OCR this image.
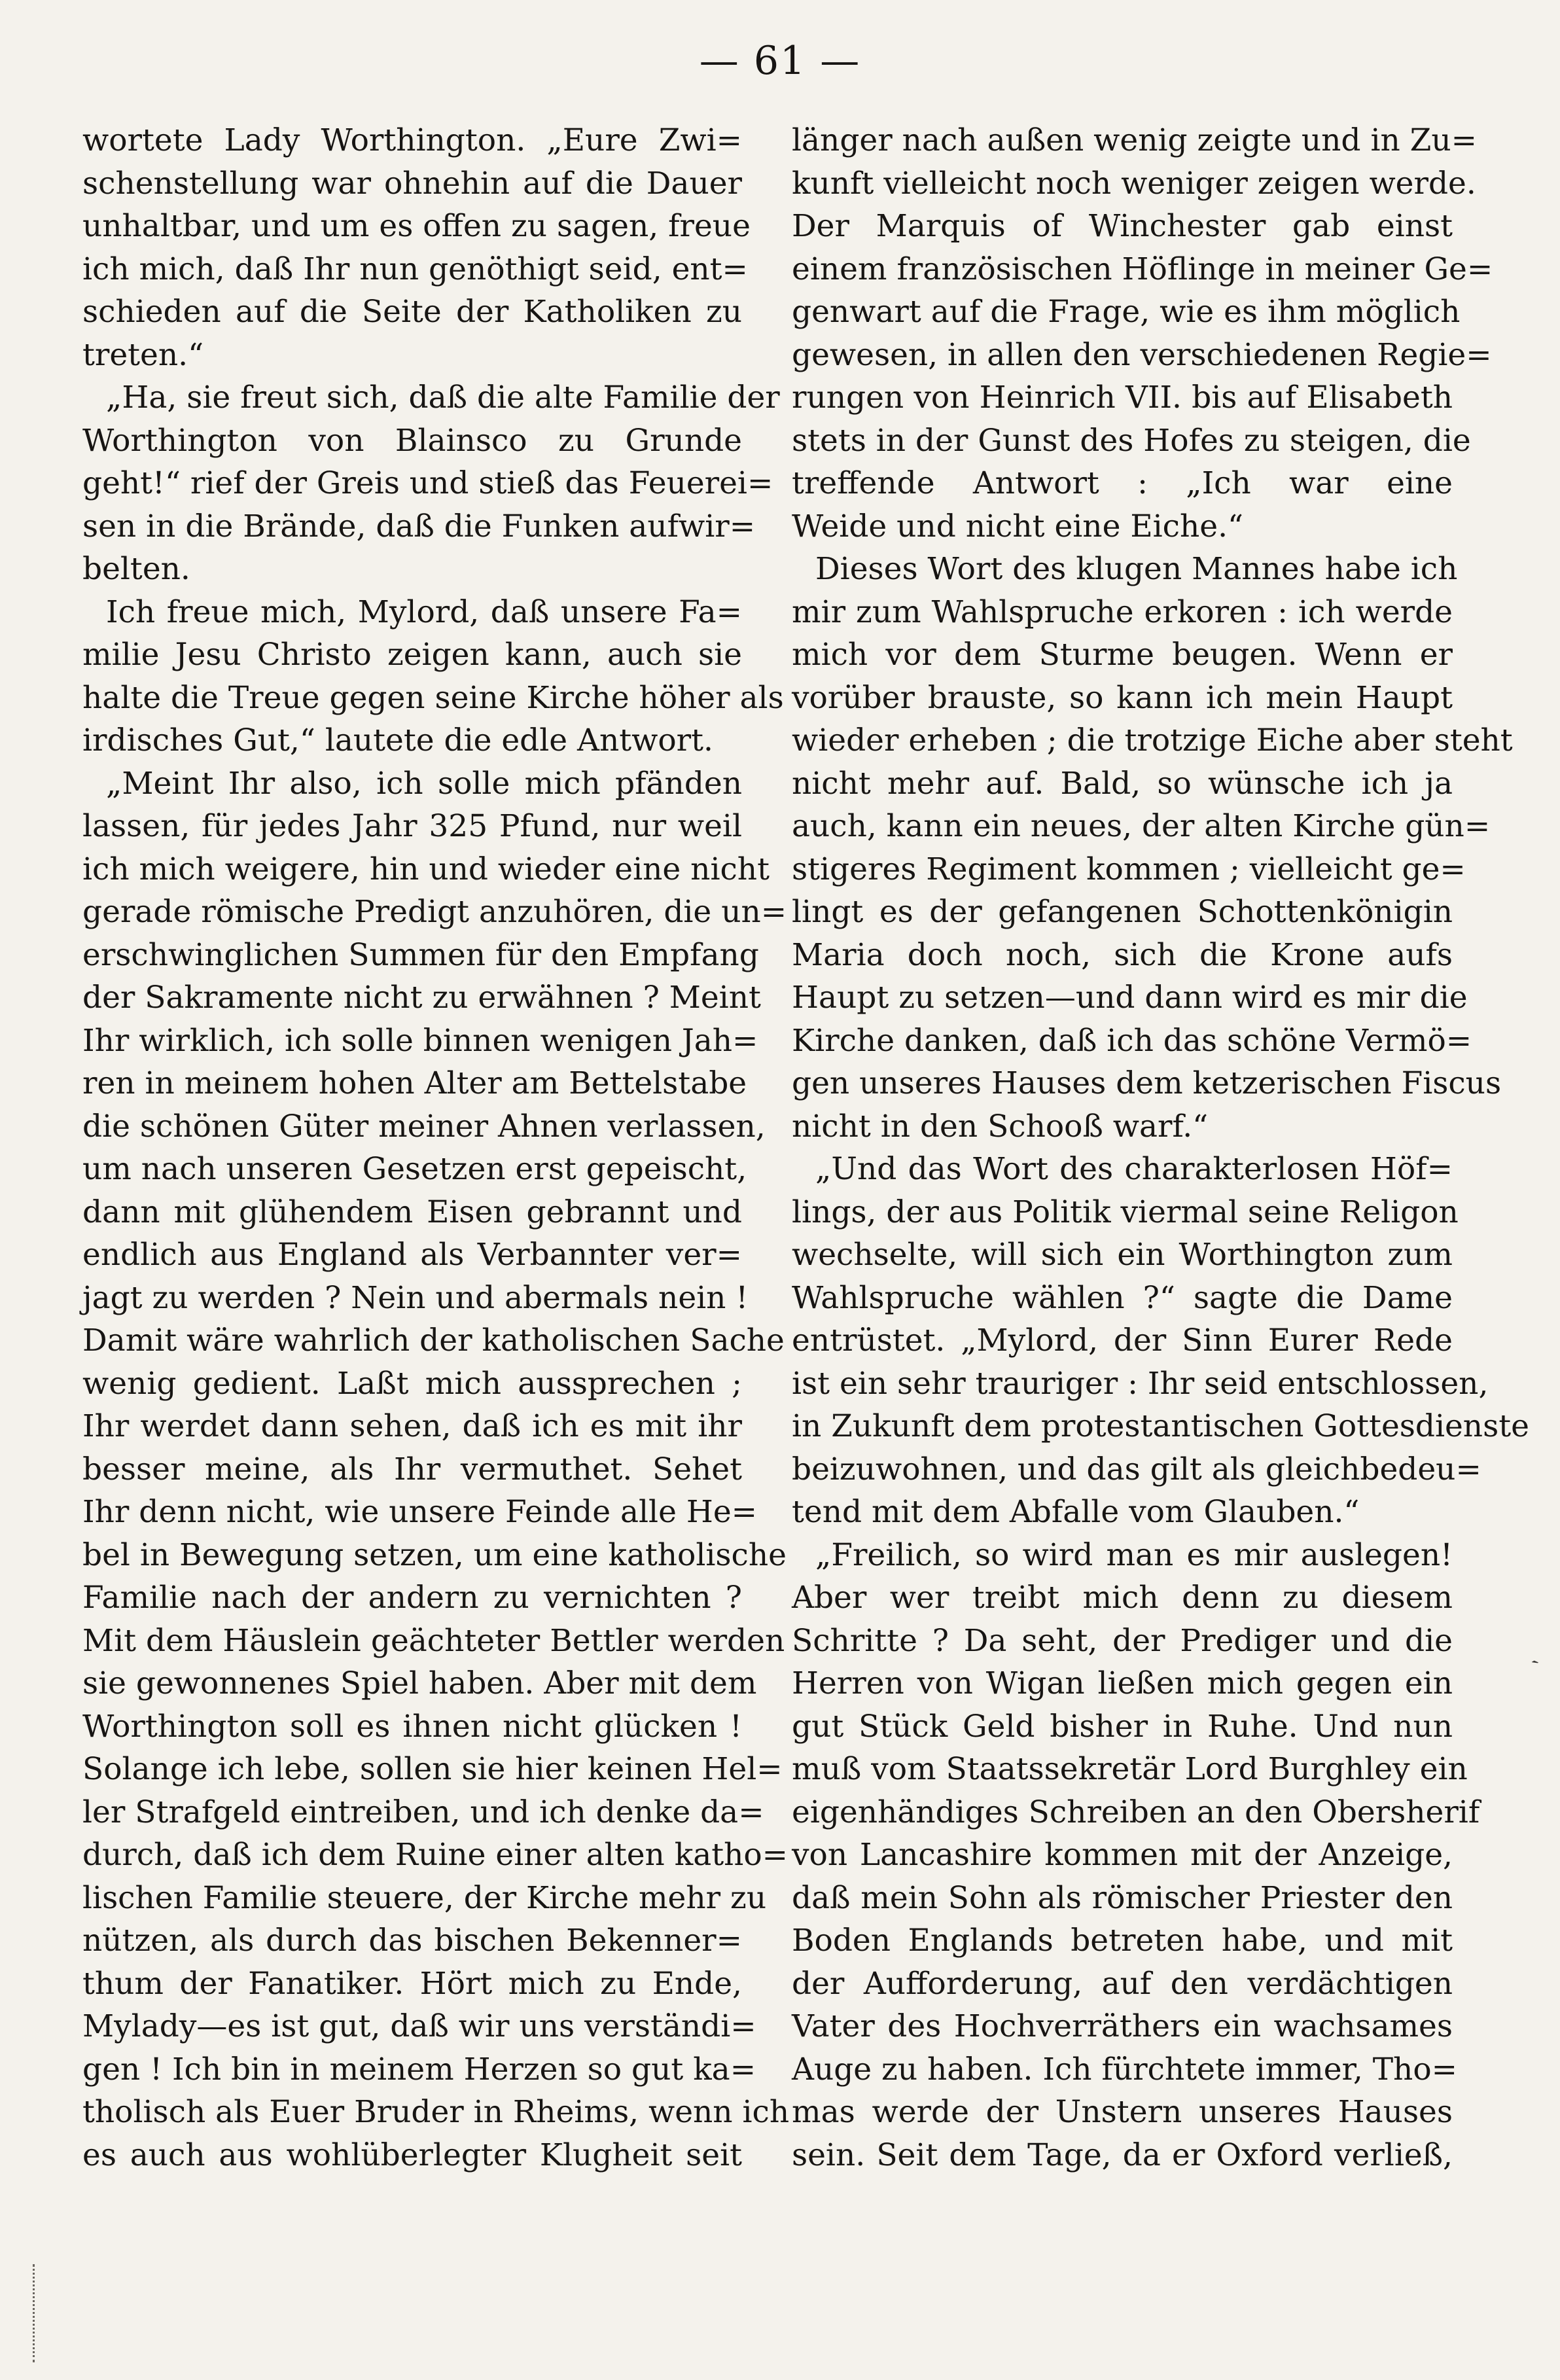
— 61 —
wortete Lady Worthington. „Eure Zwi=
schenstellung war ohnehin auf die Dauer
unhaltbar, und um es offen zu sagen, freue
ich mich, daß Ihr nun genöthigt seid, ent=
schieden auf die Seite der Katholiken zu
treten.“
„Ha, sie freut sich, daß die alte Familie der
Worthington von Blainsco zu Grunde
geht!“ rief der Greis und stieß das Feuerei=
sen in die Brände, daß die Funken aufwir=
belten.
Ich freue mich, Mylord, daß unsere Fa=
milie Jesu Christo zeigen kann, auch sie
halte die Treue gegen seine Kirche höher als
irdisches Gut,“ lautete die edle Antwort.
„Meint Ihr also, ich solle mich pfänden
lassen, für jedes Jahr 325 Pfund, nur weil
ich mich weigere, hin und wieder eine nicht
gerade römische Predigt anzuhören, die un=
erschwinglichen Summen für den Empfang
der Sakramente nicht zu erwähnen ? Meint
Ihr wirklich, ich solle binnen wenigen Jah=
ren in meinem hohen Alter am Bettelstabe
die schönen Güter meiner Ahnen verlassen,
um nach unseren Gesetzen erst gepeischt,
dann mit glühendem Eisen gebrannt und
endlich aus England als Verbannter ver=
jagt zu werden ? Nein und abermals nein !
Damit wäre wahrlich der katholischen Sache
wenig gedient. Laßt mich aussprechen ;
Ihr werdet dann sehen, daß ich es mit ihr
besser meine, als Ihr vermuthet. Sehet
Ihr denn nicht, wie unsere Feinde alle He=
bel in Bewegung setzen, um eine katholische
Familie nach der andern zu vernichten ?
Mit dem Häuslein geächteter Bettler werden
sie gewonnenes Spiel haben. Aber mit dem
Worthington soll es ihnen nicht glücken !
Solange ich lebe, sollen sie hier keinen Hel=
ler Strafgeld eintreiben, und ich denke da=
durch, daß ich dem Ruine einer alten katho=
lischen Familie steuere, der Kirche mehr zu
nützen, als durch das bischen Bekenner=
thum der Fanatiker. Hört mich zu Ende,
Mylady—es ist gut, daß wir uns verständi=
gen ! Ich bin in meinem Herzen so gut ka=
tholisch als Euer Bruder in Rheims, wenn ich
es auch aus wohlüberlegter Klugheit seit
länger nach außen wenig zeigte und in Zu=
kunft vielleicht noch weniger zeigen werde.
Der Marquis of Winchester gab einst
einem französischen Höflinge in meiner Ge=
genwart auf die Frage, wie es ihm möglich
gewesen, in allen den verschiedenen Regie=
rungen von Heinrich VII. bis auf Elisabeth
stets in der Gunst des Hofes zu steigen, die
treffende Antwort : „Ich war eine
Weide und nicht eine Eiche.“
Dieses Wort des klugen Mannes habe ich
mir zum Wahlspruche erkoren : ich werde
mich vor dem Sturme beugen. Wenn er
vorüber brauste, so kann ich mein Haupt
wieder erheben ; die trotzige Eiche aber steht
nicht mehr auf. Bald, so wünsche ich ja
auch, kann ein neues, der alten Kirche gün=
stigeres Regiment kommen ; vielleicht ge=
lingt es der gefangenen Schottenkönigin
Maria doch noch, sich die Krone aufs
Haupt zu setzen—und dann wird es mir die
Kirche danken, daß ich das schöne Vermö=
gen unseres Hauses dem ketzerischen Fiscus
nicht in den Schooß warf.“
„Und das Wort des charakterlosen Höf=
lings, der aus Politik viermal seine Religon
wechselte, will sich ein Worthington zum
Wahlspruche wählen ?“ sagte die Dame
entrüstet. „Mylord, der Sinn Eurer Rede
ist ein sehr trauriger : Ihr seid entschlossen,
in Zukunft dem protestantischen Gottesdienste
beizuwohnen, und das gilt als gleichbedeu=
tend mit dem Abfalle vom Glauben.“
„Freilich, so wird man es mir auslegen!
Aber wer treibt mich denn zu diesem
Schritte ? Da seht, der Prediger und die
Herren von Wigan ließen mich gegen ein
gut Stück Geld bisher in Ruhe. Und nun
muß vom Staatssekretär Lord Burghley ein
eigenhändiges Schreiben an den Obersherif
von Lancashire kommen mit der Anzeige,
daß mein Sohn als römischer Priester den
Boden Englands betreten habe, und mit
der Aufforderung, auf den verdächtigen
Vater des Hochverräthers ein wachsames
Auge zu haben. Ich fürchtete immer, Tho=
mas werde der Unstern unseres Hauses
sein. Seit dem Tage, da er Oxford verließ,
ˏ
